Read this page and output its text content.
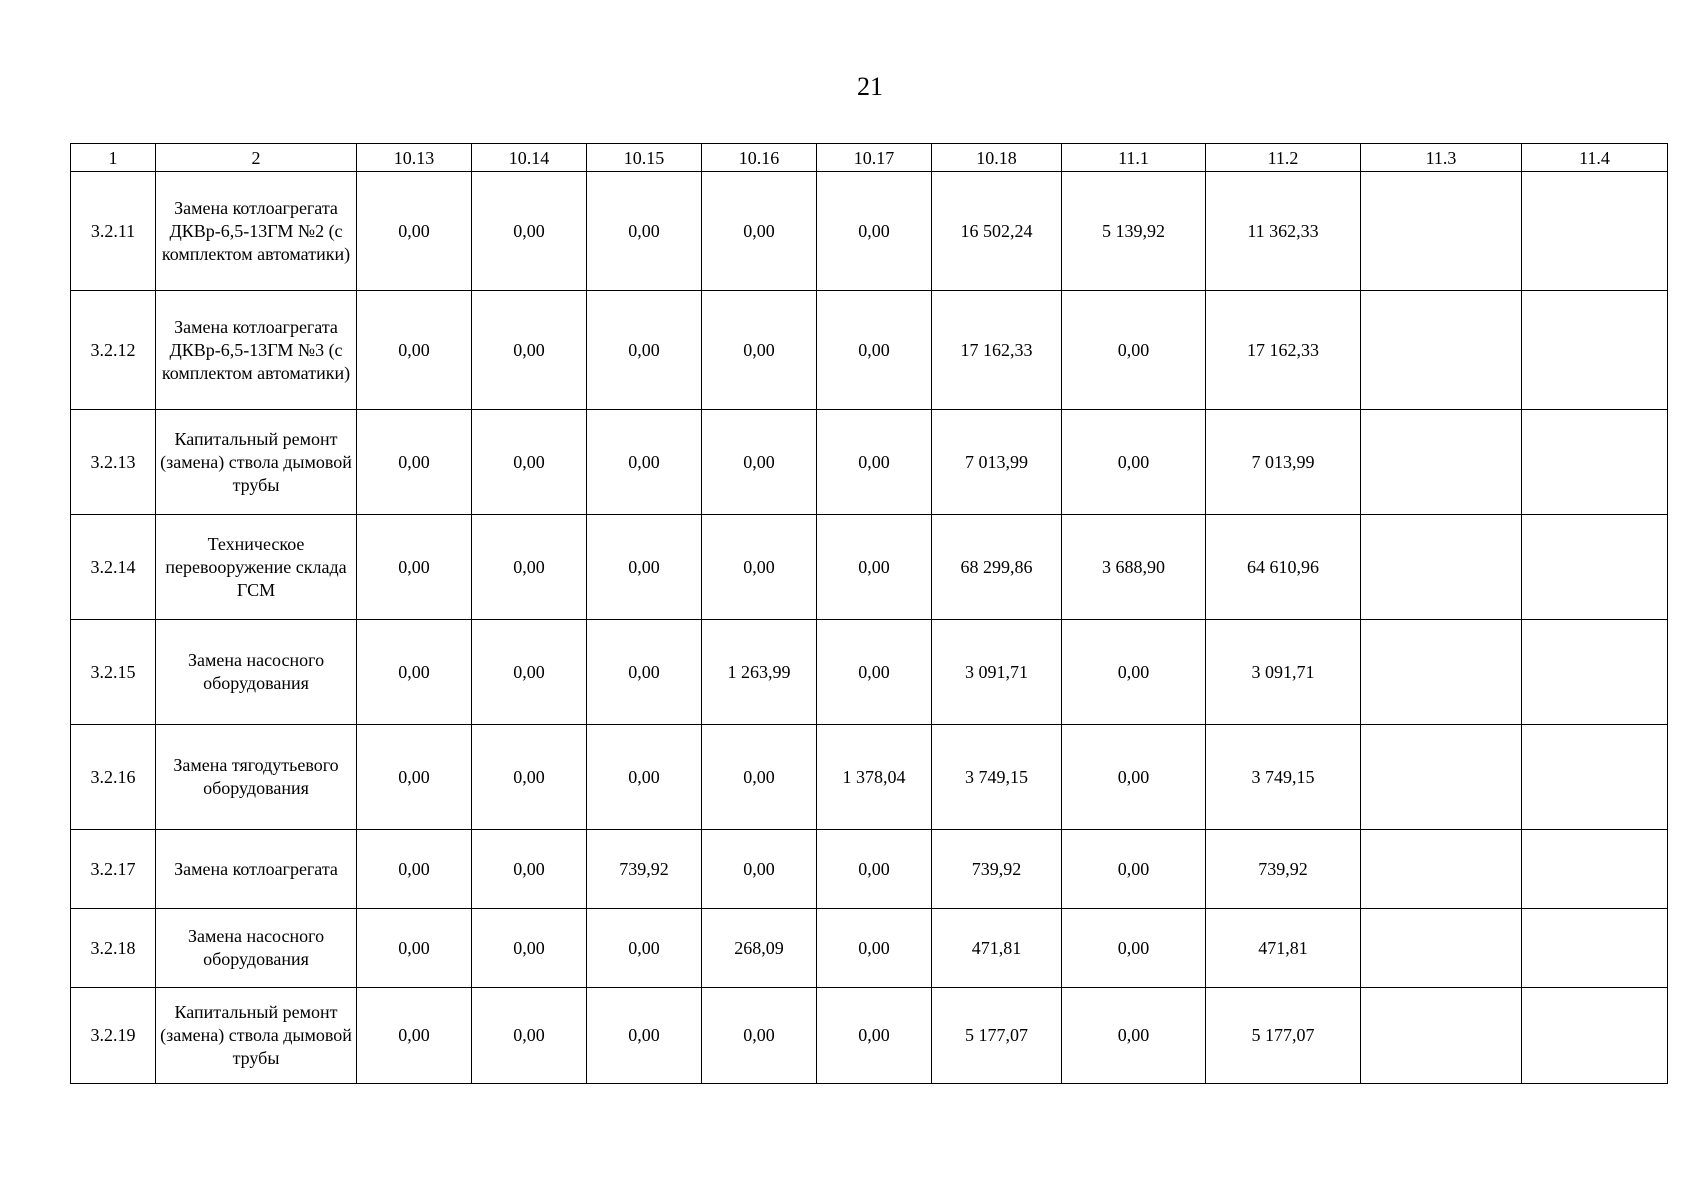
21
1	2	10.13	10.14	10.15	10.16	10.17	10.18	11.1	11.2	11.3	11.4
3.2.11	Замена котлоагрегата ДКВр-6,5-13ГМ №2 (с комплектом автоматики)	0,00	0,00	0,00	0,00	0,00	16 502,24	5 139,92	11 362,33		
3.2.12	Замена котлоагрегата ДКВр-6,5-13ГМ №3 (с комплектом автоматики)	0,00	0,00	0,00	0,00	0,00	17 162,33	0,00	17 162,33		
3.2.13	Капитальный ремонт (замена) ствола дымовой трубы	0,00	0,00	0,00	0,00	0,00	7 013,99	0,00	7 013,99		
3.2.14	Техническое перевооружение склада ГСМ	0,00	0,00	0,00	0,00	0,00	68 299,86	3 688,90	64 610,96		
3.2.15	Замена насосного оборудования	0,00	0,00	0,00	1 263,99	0,00	3 091,71	0,00	3 091,71		
3.2.16	Замена тягодутьевого оборудования	0,00	0,00	0,00	0,00	1 378,04	3 749,15	0,00	3 749,15		
3.2.17	Замена котлоагрегата	0,00	0,00	739,92	0,00	0,00	739,92	0,00	739,92		
3.2.18	Замена насосного оборудования	0,00	0,00	0,00	268,09	0,00	471,81	0,00	471,81		
3.2.19	Капитальный ремонт (замена) ствола дымовой трубы	0,00	0,00	0,00	0,00	0,00	5 177,07	0,00	5 177,07		
